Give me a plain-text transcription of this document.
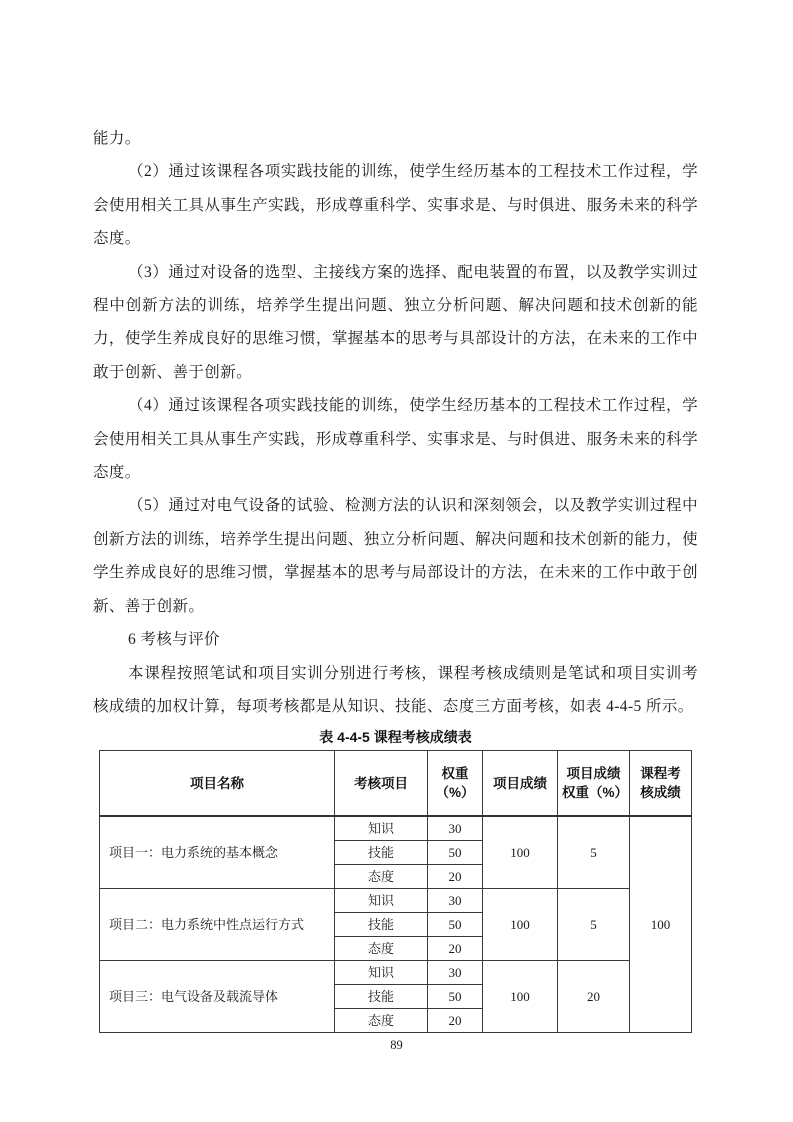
能力。

（2）通过该课程各项实践技能的训练，使学生经历基本的工程技术工作过程，学会使用相关工具从事生产实践，形成尊重科学、实事求是、与时俱进、服务未来的科学态度。

（3）通过对设备的选型、主接线方案的选择、配电装置的布置，以及教学实训过程中创新方法的训练，培养学生提出问题、独立分析问题、解决问题和技术创新的能力，使学生养成良好的思维习惯，掌握基本的思考与具部设计的方法，在未来的工作中敢于创新、善于创新。

（4）通过该课程各项实践技能的训练，使学生经历基本的工程技术工作过程，学会使用相关工具从事生产实践，形成尊重科学、实事求是、与时俱进、服务未来的科学态度。

（5）通过对电气设备的试验、检测方法的认识和深刻领会，以及教学实训过程中创新方法的训练，培养学生提出问题、独立分析问题、解决问题和技术创新的能力，使学生养成良好的思维习惯，掌握基本的思考与局部设计的方法，在未来的工作中敢于创新、善于创新。

6 考核与评价

本课程按照笔试和项目实训分别进行考核，课程考核成绩则是笔试和项目实训考核成绩的加权计算，每项考核都是从知识、技能、态度三方面考核，如表 4-4-5 所示。

表 4-4-5 课程考核成绩表
项目名称	考核项目	权重（%）	项目成绩	项目成绩权重（%）	课程考核成绩
项目一：电力系统的基本概念	知识	30	100	5	100
	技能	50			
	态度	20			
项目二：电力系统中性点运行方式	知识	30	100	5	
	技能	50			
	态度	20			
项目三：电气设备及载流导体	知识	30	100	20	
	技能	50			
	态度	20			
89
